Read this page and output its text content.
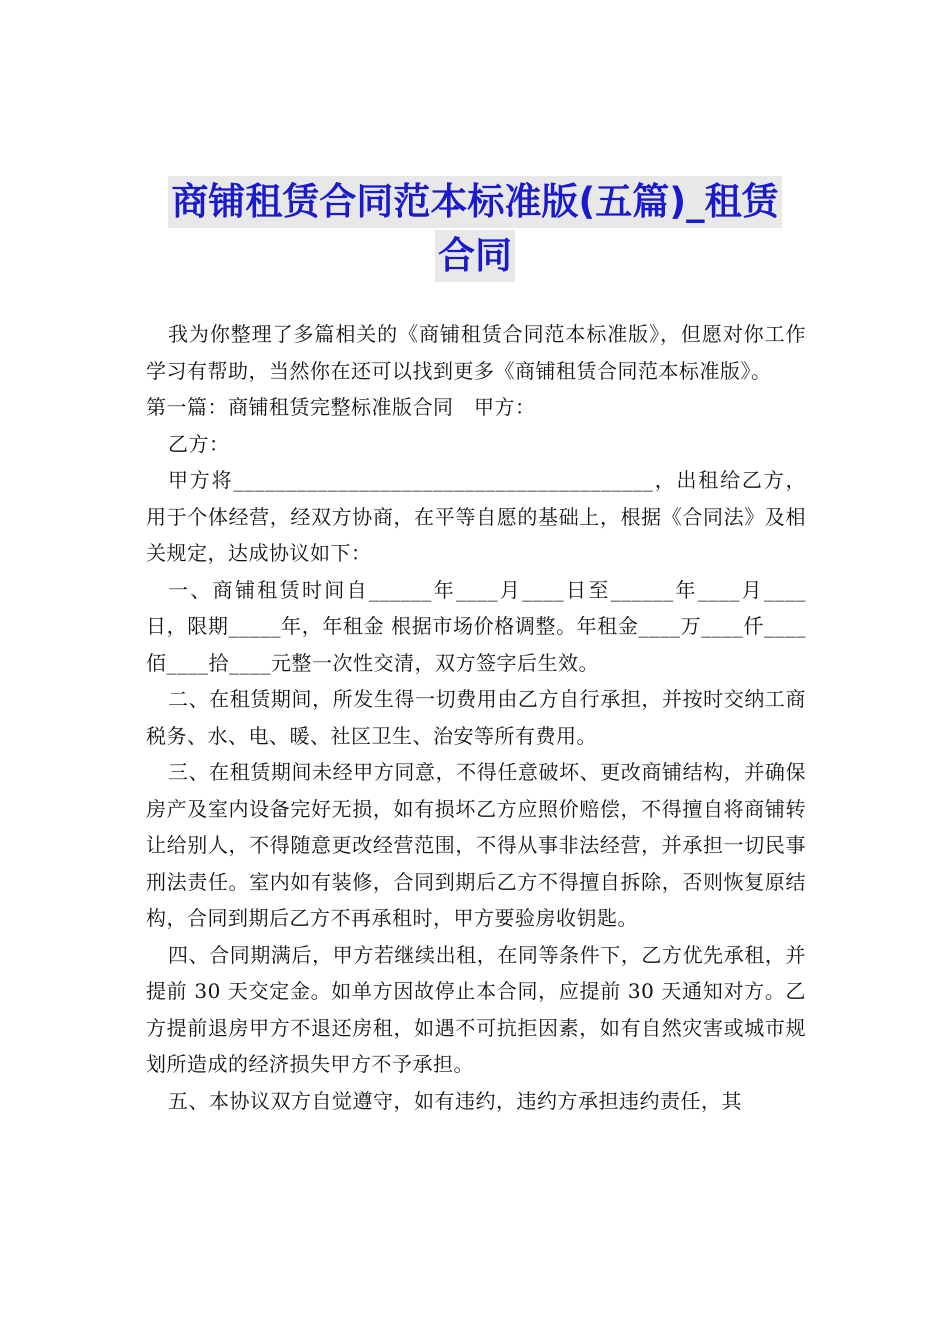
商铺租赁合同范本标准版(五篇)_租赁
合同

我为你整理了多篇相关的《商铺租赁合同范本标准版》，但愿对你工作学习有帮助，当然你在还可以找到更多《商铺租赁合同范本标准版》。

第一篇：商铺租赁完整标准版合同　甲方：

乙方：

甲方将________________________________________，出租给乙方，用于个体经营，经双方协商，在平等自愿的基础上，根据《合同法》及相关规定，达成协议如下：

一、商铺租赁时间自______年____月____日至______年____月____日，限期_____年，年租金 根据市场价格调整。年租金____万____仟____佰____拾____元整一次性交清，双方签字后生效。

二、在租赁期间，所发生得一切费用由乙方自行承担，并按时交纳工商税务、水、电、暖、社区卫生、治安等所有费用。

三、在租赁期间未经甲方同意，不得任意破坏、更改商铺结构，并确保房产及室内设备完好无损，如有损坏乙方应照价赔偿，不得擅自将商铺转让给别人，不得随意更改经营范围，不得从事非法经营，并承担一切民事刑法责任。室内如有装修，合同到期后乙方不得擅自拆除，否则恢复原结构，合同到期后乙方不再承租时，甲方要验房收钥匙。

四、合同期满后，甲方若继续出租，在同等条件下，乙方优先承租，并提前 30 天交定金。如单方因故停止本合同，应提前 30 天通知对方。乙方提前退房甲方不退还房租，如遇不可抗拒因素，如有自然灾害或城市规划所造成的经济损失甲方不予承担。

五、本协议双方自觉遵守，如有违约，违约方承担违约责任，其
